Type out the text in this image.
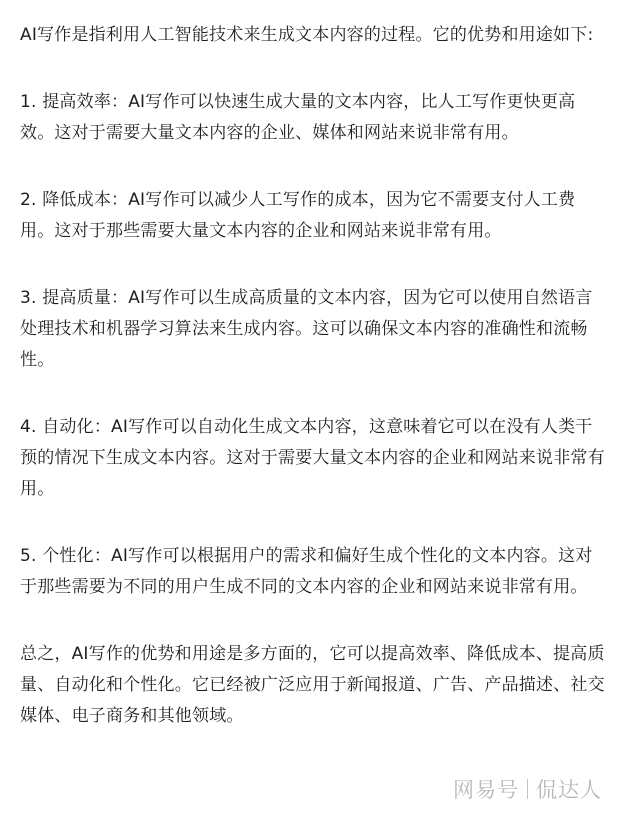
AI写作是指利用人工智能技术来生成文本内容的过程。它的优势和用途如下:

1. 提高效率：AI写作可以快速生成大量的文本内容，比人工写作更快更高效。这对于需要大量文本内容的企业、媒体和网站来说非常有用。

2. 降低成本：AI写作可以减少人工写作的成本，因为它不需要支付人工费用。这对于那些需要大量文本内容的企业和网站来说非常有用。

3. 提高质量：AI写作可以生成高质量的文本内容，因为它可以使用自然语言处理技术和机器学习算法来生成内容。这可以确保文本内容的准确性和流畅性。

4. 自动化：AI写作可以自动化生成文本内容，这意味着它可以在没有人类干预的情况下生成文本内容。这对于需要大量文本内容的企业和网站来说非常有用。

5. 个性化：AI写作可以根据用户的需求和偏好生成个性化的文本内容。这对于那些需要为不同的用户生成不同的文本内容的企业和网站来说非常有用。

总之，AI写作的优势和用途是多方面的，它可以提高效率、降低成本、提高质量、自动化和个性化。它已经被广泛应用于新闻报道、广告、产品描述、社交媒体、电子商务和其他领域。

网易号 侃达人
